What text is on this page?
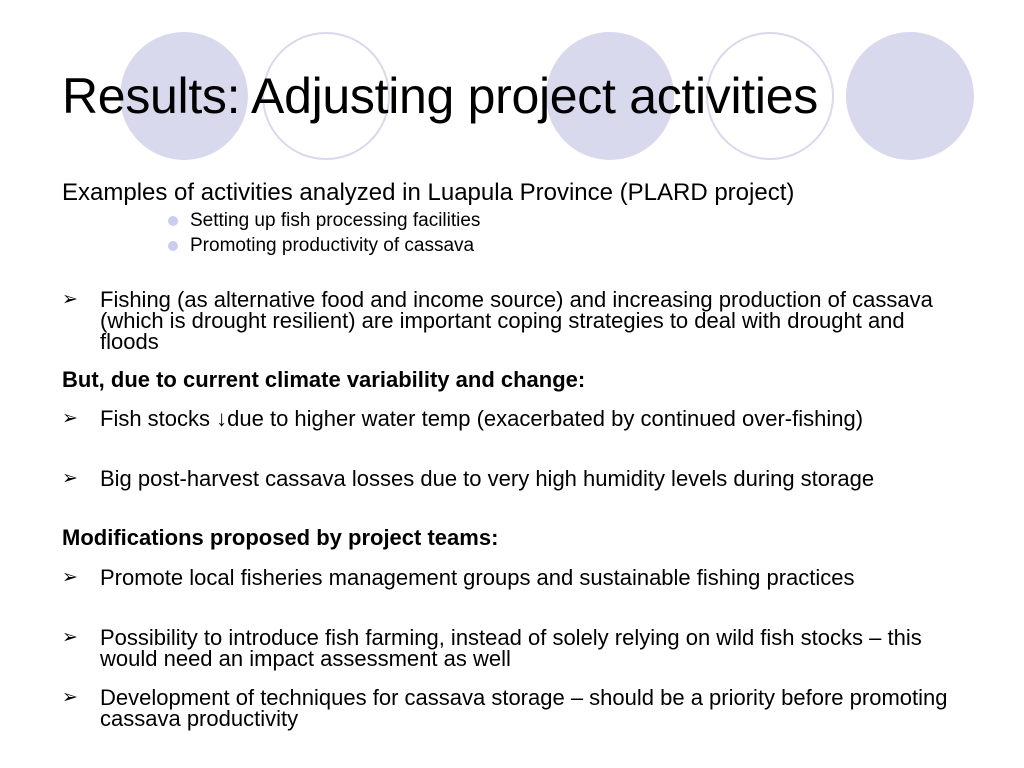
Results: Adjusting project activities
Examples of activities analyzed in Luapula Province (PLARD project)
Setting up fish processing facilities
Promoting productivity of cassava
➢ Fishing (as alternative food and income source) and increasing production of cassava (which is drought resilient) are important coping strategies to deal with drought and floods
But, due to current climate variability and change:
➢ Fish stocks ↓due to higher water temp (exacerbated by continued over-fishing)
➢ Big post-harvest cassava losses due to very high humidity levels during storage
Modifications proposed by project teams:
➢ Promote local fisheries management groups and sustainable fishing practices
➢ Possibility to introduce fish farming, instead of solely relying on wild fish stocks – this would need an impact assessment as well
➢ Development of techniques for cassava storage – should be a priority before promoting cassava productivity
